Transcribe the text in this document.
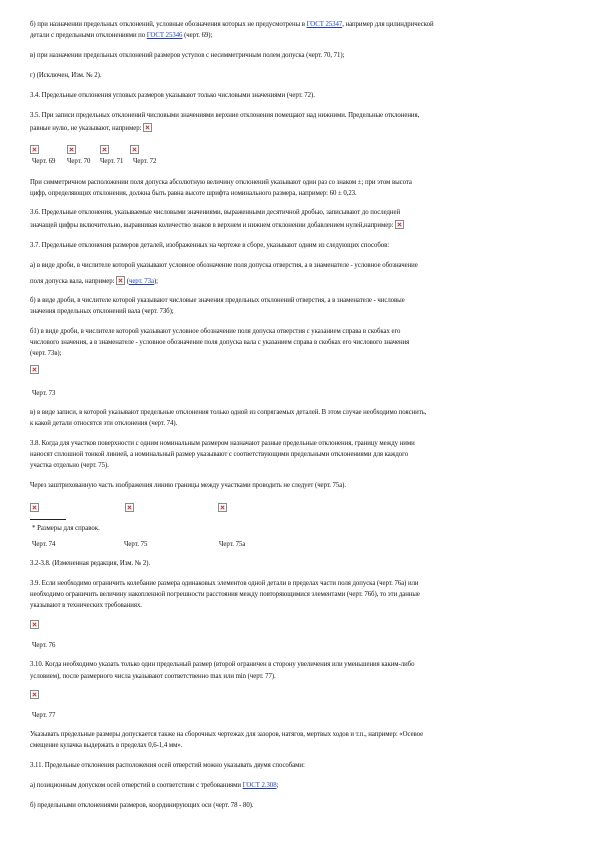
б) при назначении предельных отклонений, условные обозначения которых не предусмотрены в ГОСТ 25347, например для цилиндрической
детали с предельными отклонениями по ГОСТ 25346 (черт. 69);
в) при назначении предельных отклонений размеров уступов с несимметричным полем допуска (черт. 70, 71);
г) (Исключен, Изм. № 2).
3.4. Предельные отклонения угловых размеров указывают только числовыми значениями (черт. 72).
3.5. При записи предельных отклонений числовыми значениями верхние отклонения помещают над нижними. Предельные отклонения,
равные нулю, не указывают, например:
Черт. 69 Черт. 70 Черт. 71 Черт. 72
При симметричном расположении поля допуска абсолютную величину отклонений указывают один раз со знаком ±; при этом высота
цифр, определяющих отклонения, должна быть равна высоте шрифта номинального размера, например: 60 ± 0,23.
3.6. Предельные отклонения, указываемые числовыми значениями, выраженными десятичной дробью, записывают до последней
значащей цифры включительно, выравнивая количество знаков в верхнем и нижнем отклонении добавлением нулей,например:
3.7. Предельные отклонения размеров деталей, изображенных на чертеже в сборе, указывают одним из следующих способов:
а) в виде дроби, в числителе которой указывают условное обозначение поля допуска отверстия, а в знаменателе - условное обозначение
поля допуска вала, например: (черт. 73а);
б) в виде дроби, в числителе которой указывают числовые значения предельных отклонений отверстия, а в знаменателе - числовые
значения предельных отклонений вала (черт. 73б);
б1) в виде дроби, в числителе которой указывают условное обозначение поля допуска отверстия с указанием справа в скобках его
числового значения, а в знаменателе - условное обозначение поля допуска вала с указанием справа в скобках его числового значения
(черт. 73в);
Черт. 73
в) в виде записи, в которой указывают предельные отклонения только одной из сопрягаемых деталей. В этом случае необходимо пояснить,
к какой детали относятся эти отклонения (черт. 74).
3.8. Когда для участков поверхности с одним номинальным размером назначают разные предельные отклонения, границу между ними
наносят сплошной тонкой линией, а номинальный размер указывают с соответствующими предельными отклонениями для каждого
участка отдельно (черт. 75).
Через заштрихованную часть изображения линию границы между участками проводить не следует (черт. 75а).
* Размеры для справок.
Черт. 74	Черт. 75	Черт. 75а
3.2-3.8. (Измененная редакция, Изм. № 2).
3.9. Если необходимо ограничить колебание размера одинаковых элементов одной детали в пределах части поля допуска (черт. 76а) или
необходимо ограничить величину накопленной погрешности расстояния между повторяющимися элементами (черт. 76б), то эти данные
указывают в технических требованиях.
Черт. 76
3.10. Когда необходимо указать только один предельный размер (второй ограничен в сторону увеличения или уменьшения каким-либо
условием), после размерного числа указывают соответственно max или min (черт. 77).
Черт. 77
Указывать предельные размеры допускается также на сборочных чертежах для зазоров, натягов, мертвых ходов и т.п., например: «Осевое
смещение кулачка выдержать в пределах 0,6-1,4 мм».
3.11. Предельные отклонения расположения осей отверстий можно указывать двумя способами:
а) позиционным допуском осей отверстий в соответствии с требованиями ГОСТ 2.308;
б) предельными отклонениями размеров, координирующих оси (черт. 78 - 80).
